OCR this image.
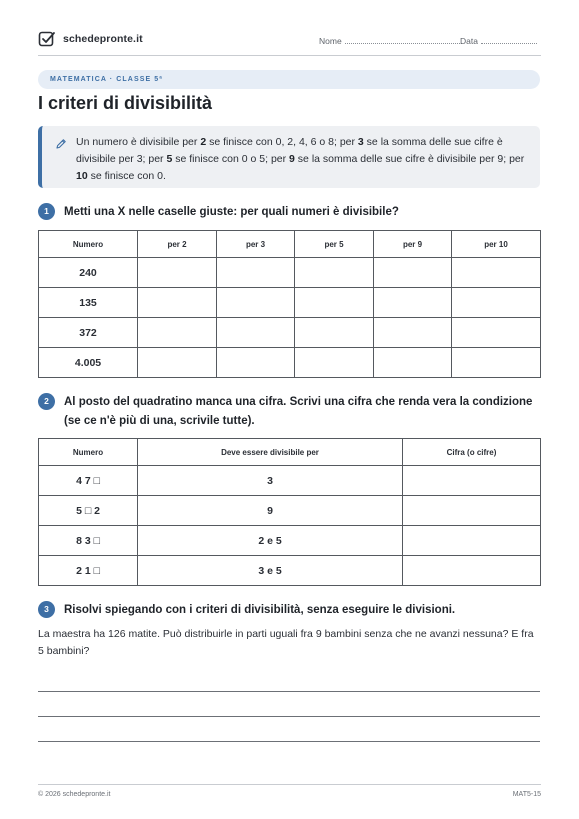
schedepronte.it	Nome	Data
MATEMATICA · CLASSE 5ª
I criteri di divisibilità

Un numero è divisibile per 2 se finisce con 0, 2, 4, 6 o 8; per 3 se la somma delle sue cifre è divisibile per 3; per 5 se finisce con 0 o 5; per 9 se la somma delle sue cifre è divisibile per 9; per 10 se finisce con 0.

1	Metti una X nelle caselle giuste: per quali numeri è divisibile?
Numero	per 2	per 3	per 5	per 9	per 10
240					
135					
372					
4.005					
2	Al posto del quadratino manca una cifra. Scrivi una cifra che renda vera la condizione (se ce n'è più di una, scrivile tutte).
Numero	Deve essere divisibile per	Cifra (o cifre)
4 7 □	3	
5 □ 2	9	
8 3 □	2 e 5	
2 1 □	3 e 5	
3	Risolvi spiegando con i criteri di divisibilità, senza eseguire le divisioni.

La maestra ha 126 matite. Può distribuirle in parti uguali fra 9 bambini senza che ne avanzi nessuna? E fra 5 bambini?

© 2026 schedepronte.it	MAT5-15
